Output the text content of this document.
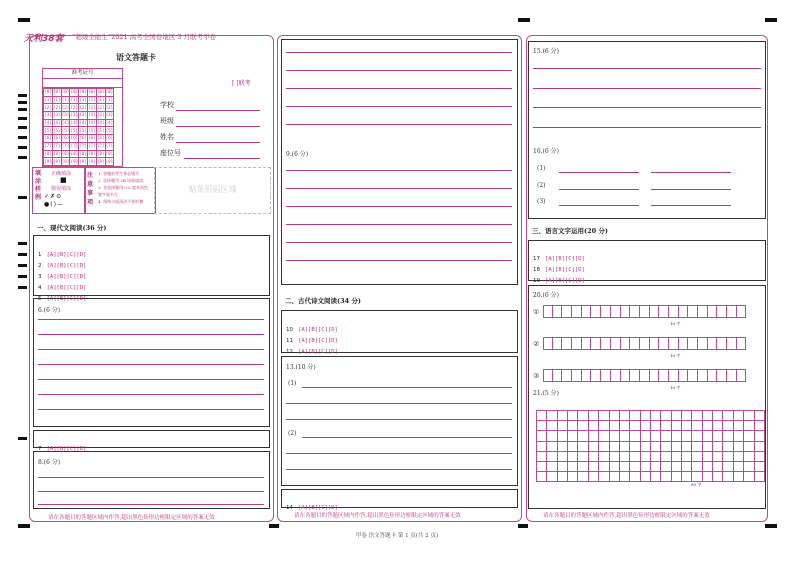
天利38套 “超级全能生”2021 高考全国卷地区 3 月联考甲卷
语文答题卡
[ ]联考
准考证号
[0]	[0]	[0]	[0]	[0]	[0]	[0]	[0]
[1]	[1]	[1]	[1]	[1]	[1]	[1]	[1]
[2]	[2]	[2]	[2]	[2]	[2]	[2]	[2]
[3]	[3]	[3]	[3]	[3]	[3]	[3]	[3]
[4]	[4]	[4]	[4]	[4]	[4]	[4]	[4]
[5]	[5]	[5]	[5]	[5]	[5]	[5]	[5]
[6]	[6]	[6]	[6]	[6]	[6]	[6]	[6]
[7]	[7]	[7]	[7]	[7]	[7]	[7]	[7]
[8]	[8]	[8]	[8]	[8]	[8]	[8]	[8]
[9]	[9]	[9]	[9]	[9]	[9]	[9]	[9]
学校
班级
姓名
座位号
填涂样例
正确填涂
■
错误填涂
✓✗⊙
●()—
注意事项
1. 答题前考生务必填写
2. 选择题用 2B 铅笔填涂,
3. 非选择题用 0.5 毫米黑色
签字笔书写
4. 保持卡面清洁不要折叠
贴条形码区域
一、现代文阅读(36 分)
1 [A][B][C][D]
2 [A][B][C][D]
3 [A][B][C][D]
4 [A][B][C][D]
5 [A][B][C][D]
6.(6 分)
7 [A][B][C][D]
8.(6 分)
请在各题目的答题区域内作答,超出黑色矩形边框限定区域的答案无效
9.(6 分)
二、古代诗文阅读(34 分)
10 [A][B][C][D]
11 [A][B][C][D]
12 [A][B][C][D]
13.(10 分)
(1)
(2)
14 [A][B][C][D]
请在各题目的答题区域内作答,超出黑色矩形边框限定区域的答案无效
15.(6 分)
16.(6 分)
(1)
(2)
(3)
三、语言文字运用(20 分)
17 [A][B][C][D]
18 [A][B][C][D]
19 [A][B][C][D]
20.(6 分)
①
10 字
②
10 字
③
10 字
21.(5 分)

80 字
请在各题目的答题区域内作答,超出黑色矩形边框限定区域的答案无效
甲卷 语文答题卡 第 1 页(共 2 页)
